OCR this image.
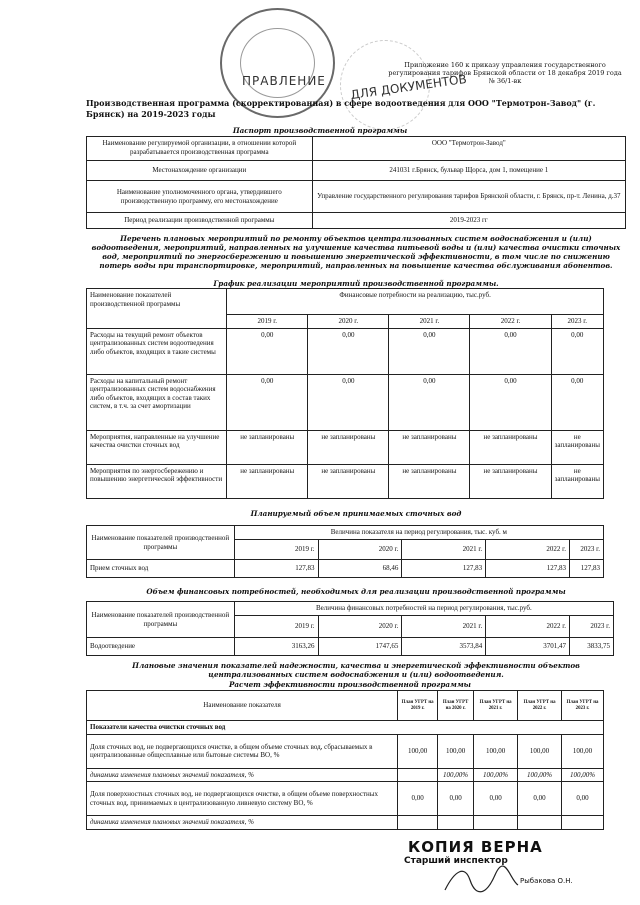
ПРАВЛЕНИЕ ДЛЯ ДОКУМЕНТОВ
Приложение 160 к приказу управления государственного регулирования тарифов Брянской области от 18 декабря 2019 года № 36/1-вк
Производственная программа (скорректированная) в сфере водоотведения для ООО "Термотрон-Завод" (г. Брянск) на 2019-2023 годы
Паспорт производственной программы
Наименование регулируемой организации, в отношении которой разрабатывается производственная программа	ООО "Термотрон-Завод"
Местонахождение организации	241031 г.Брянск, бульвар Щорса, дом 1, помещение 1
Наименование уполномоченного органа, утвердившего производственную программу, его местонахождение	Управление государственного регулирования тарифов Брянской области, г. Брянск, пр-т. Ленина, д.37
Период реализации производственной программы	2019-2023 гг
Перечень плановых мероприятий по ремонту объектов централизованных систем водоснабжения и (или) водоотведения, мероприятий, направленных на улучшение качества питьевой воды и (или) качества очистки сточных вод, мероприятий по энергосбережению и повышению энергетической эффективности, в том числе по снижению потерь воды при транспортировке, мероприятий, направленных на повышение качества обслуживания абонентов.
График реализации мероприятий производственной программы.
Наименование показателей производственной программы	Финансовые потребности на реализацию, тыс.руб.				
	2019 г.	2020 г.	2021 г.	2022 г.	2023 г.
Расходы на текущий ремонт объектов централизованных систем водоотведения либо объектов, входящих в такие системы	0,00	0,00	0,00	0,00	0,00
Расходы на капитальный ремонт централизованных систем водоснабжения либо объектов, входящих в состав таких систем, в т.ч. за счет амортизации	0,00	0,00	0,00	0,00	0,00
Мероприятия, направленные на улучшение качества очистки сточных вод	не запланированы	не запланированы	не запланированы	не запланированы	не запланированы
Мероприятия по энергосбережению и повышению энергетической эффективности	не запланированы	не запланированы	не запланированы	не запланированы	не запланированы
Планируемый объем принимаемых сточных вод
Наименование показателей производственной программы	Величина показателя на период регулирования, тыс. куб. м				
	2019 г.	2020 г.	2021 г.	2022 г.	2023 г.
Прием сточных вод	127,83	68,46	127,83	127,83	127,83
Объем финансовых потребностей, необходимых для реализации производственной программы
Наименование показателей производственной программы	Величина финансовых потребностей на период регулирования, тыс.руб.				
	2019 г.	2020 г.	2021 г.	2022 г.	2023 г.
Водоотведение	3163,26	1747,65	3573,84	3701,47	3833,75
Плановые значения показателей надежности, качества и энергетической эффективности объектов централизованных систем водоснабжения и (или) водоотведения.
Расчет эффективности производственной программы
Наименование показателя	План УГРТ на 2019 г.	План УГРТ на 2020 г.	План УГРТ на 2021 г.	План УГРТ на 2022 г.	План УГРТ на 2023 г.
Показатели качества очистки сточных вод					
Доля сточных вод, не подвергающихся очистке, в общем объеме сточных вод, сбрасываемых в централизованные общесплавные или бытовые системы ВО, %	100,00	100,00	100,00	100,00	100,00
динамика изменения плановых значений показателя, %		100,00%	100,00%	100,00%	100,00%
Доля поверхностных сточных вод, не подвергающихся очистке, в общем объеме поверхностных сточных вод, принимаемых в централизованную ливневую систему ВО, %	0,00	0,00	0,00	0,00	0,00
динамика изменения плановых значений показателя, %					
КОПИЯ ВЕРНА
Старший инспектор
Рыбакова О.Н.
